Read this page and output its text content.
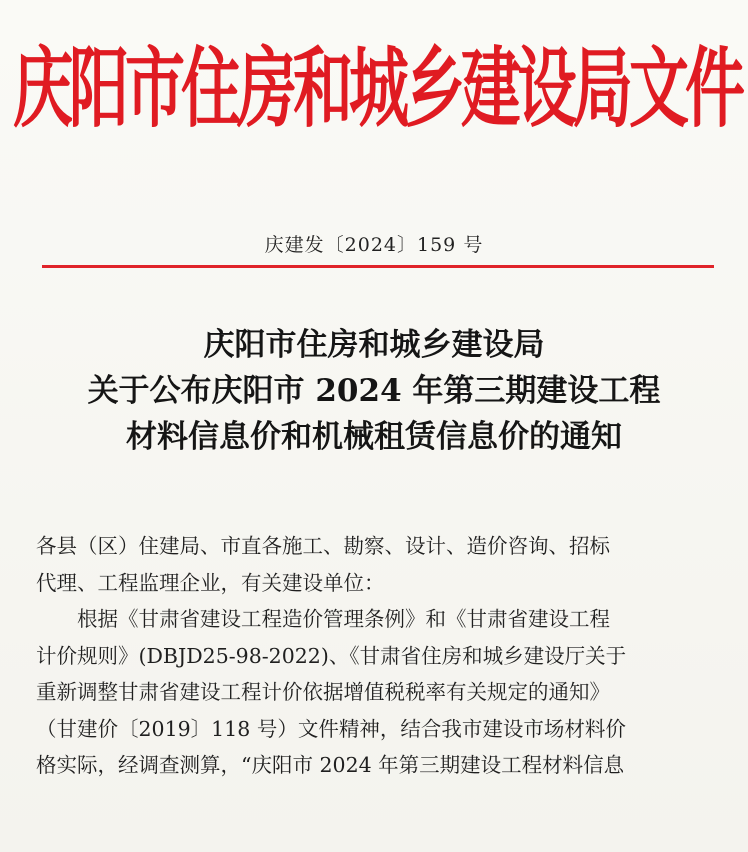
庆阳市住房和城乡建设局文件
庆建发〔2024〕159 号
庆阳市住房和城乡建设局
关于公布庆阳市 2024 年第三期建设工程
材料信息价和机械租赁信息价的通知

各县（区）住建局、市直各施工、勘察、设计、造价咨询、招标

代理、工程监理企业，有关建设单位：

根据《甘肃省建设工程造价管理条例》和《甘肃省建设工程

计价规则》(DBJD25-98-2022)、《甘肃省住房和城乡建设厅关于

重新调整甘肃省建设工程计价依据增值税税率有关规定的通知》

（甘建价〔2019〕118 号）文件精神，结合我市建设市场材料价

格实际，经调查测算，“庆阳市 2024 年第三期建设工程材料信息
